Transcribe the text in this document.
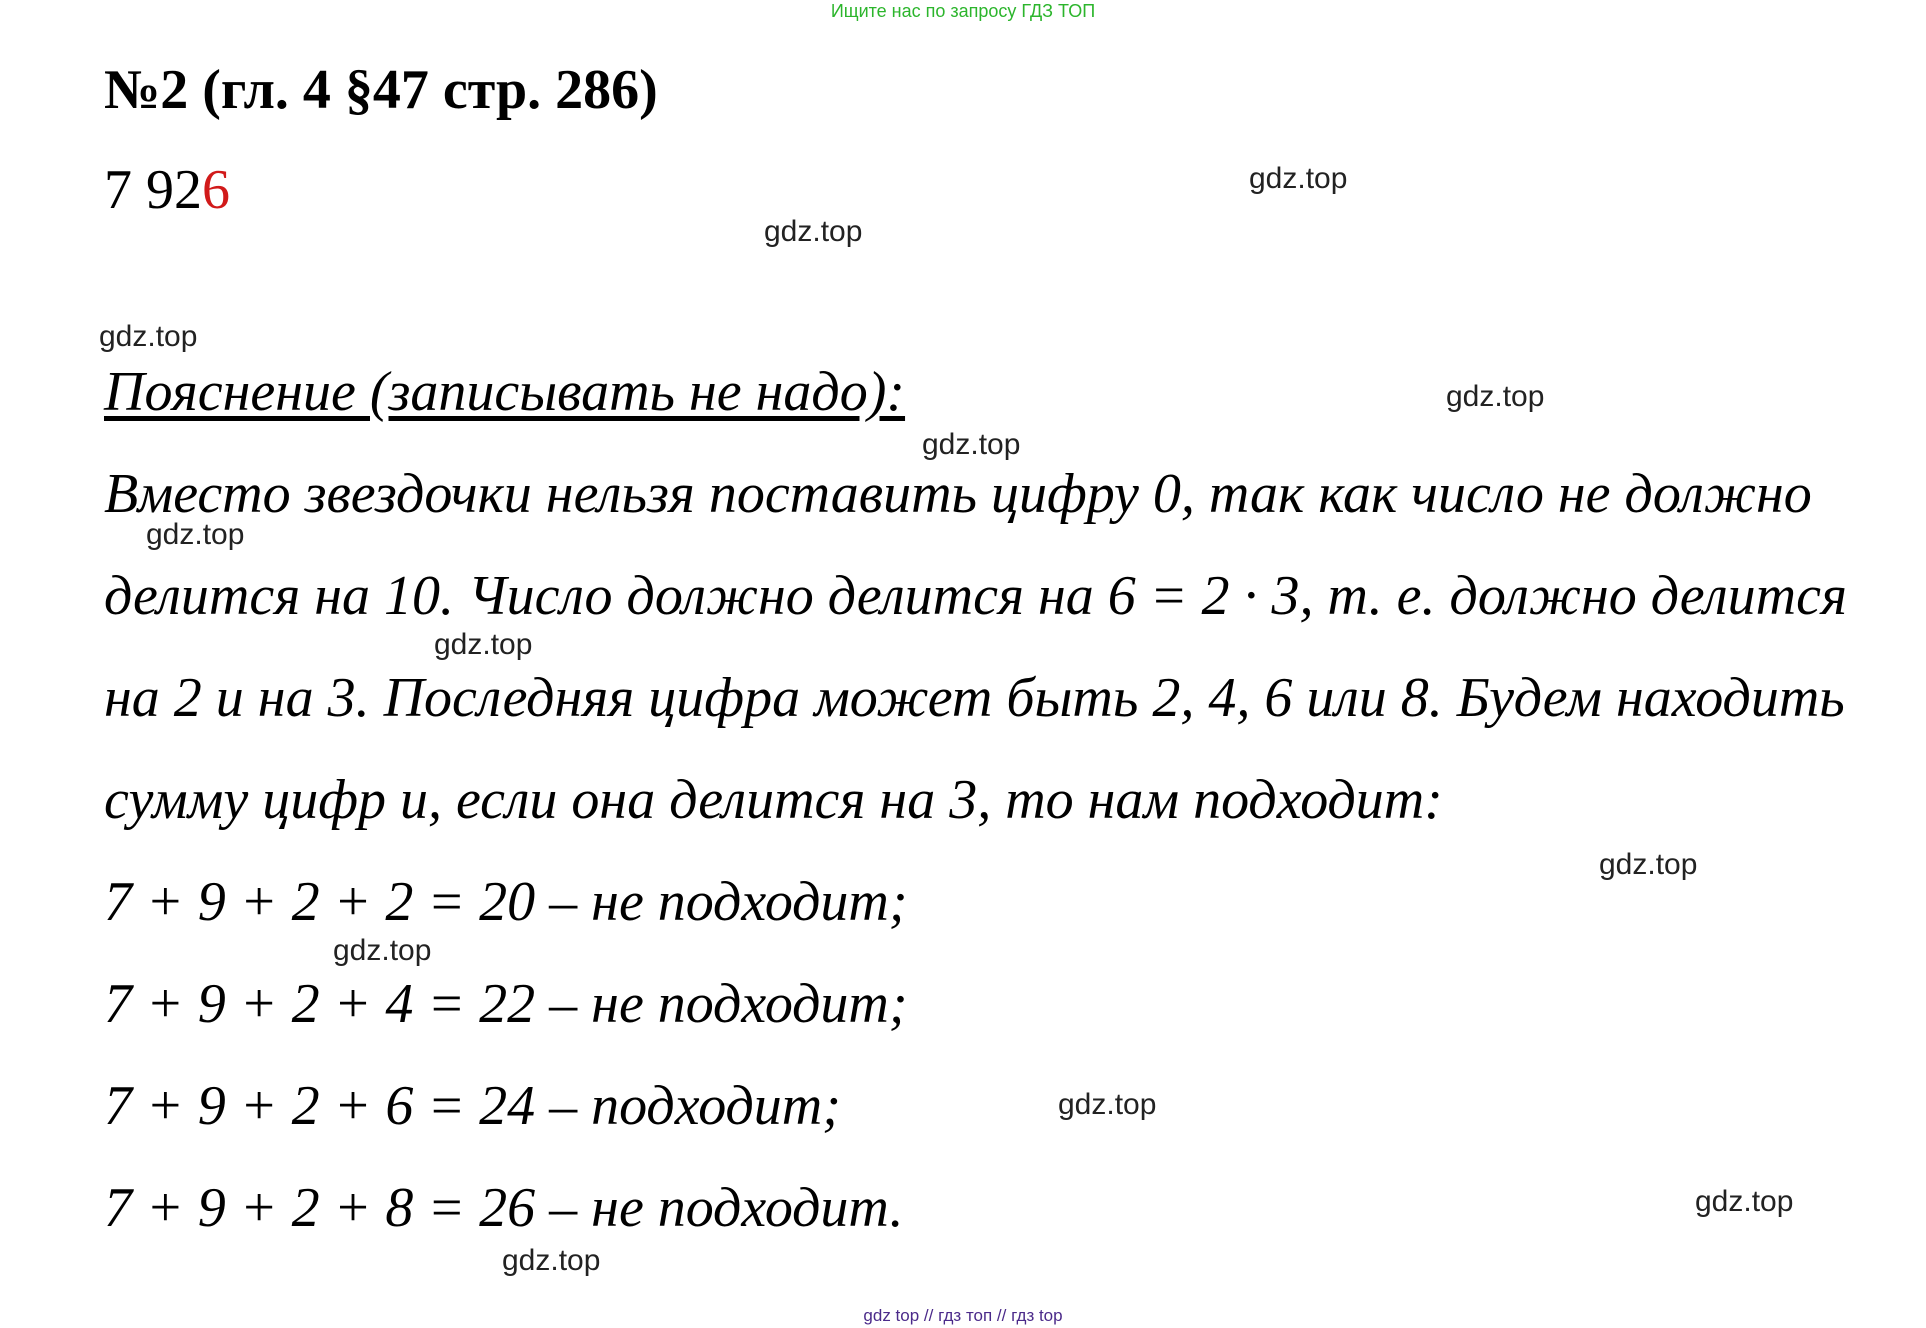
Ищите нас по запросу ГДЗ ТОП
№2 (гл. 4 §47 стр. 286)
7 926
Пояснение (записывать не надо):
Вместо звездочки нельзя поставить цифру 0, так как число не должно
делится на 10. Число должно делится на 6 = 2 · 3, т. е. должно делится
на 2 и на 3. Последняя цифра может быть 2, 4, 6 или 8. Будем находить
сумму цифр и, если она делится на 3, то нам подходит:
7 + 9 + 2 + 2 = 20 – не подходит;
7 + 9 + 2 + 4 = 22 – не подходит;
7 + 9 + 2 + 6 = 24 – подходит;
7 + 9 + 2 + 8 = 26 – не подходит.
gdz.top
gdz.top
gdz.top
gdz.top
gdz.top
gdz.top
gdz.top
gdz.top
gdz.top
gdz.top
gdz.top
gdz.top
gdz top // гдз топ // гдз top
